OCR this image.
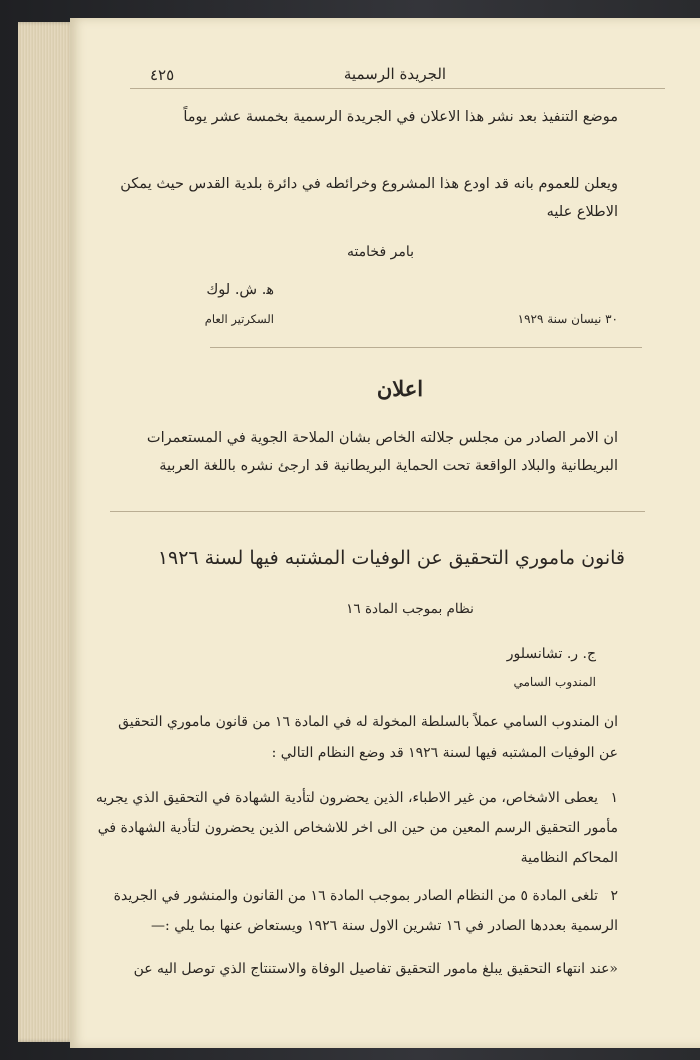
٤٢٥	الجريدة الرسمية
موضع التنفيذ بعد نشر هذا الاعلان في الجريدة الرسمية بخمسة عشر يوماً
ويعلن للعموم بانه قد اودع هذا المشروع وخرائطه في دائرة بلدية القدس حيث يمكن
الاطلاع عليه
بامر فخامته
ﻫ. ش. لوك
السكرتير العام	٣٠ نيسان سنة ١٩٢٩
اعلان
ان الامر الصادر من مجلس جلالته الخاص بشان الملاحة الجوية في المستعمرات
البريطانية والبلاد الواقعة تحت الحماية البريطانية قد ارجئ نشره باللغة العربية
قانون ماموري التحقيق عن الوفيات المشتبه فيها لسنة ١٩٢٦
نظام بموجب المادة ١٦
ج. ر. تشانسلور
المندوب السامي
ان المندوب السامي عملاً بالسلطة المخولة له في المادة ١٦ من قانون ماموري التحقيق
عن الوفيات المشتبه فيها لسنة ١٩٢٦ قد وضع النظام التالي :
١
يعطى الاشخاص، من غير الاطباء، الذين يحضرون لتأدية الشهادة في التحقيق الذي يجريه
مأمور التحقيق الرسم المعين من حين الى اخر للاشخاص الذين يحضرون لتأدية الشهادة في
المحاكم النظامية
٢
تلغى المادة ٥ من النظام الصادر بموجب المادة ١٦ من القانون والمنشور في الجريدة
الرسمية بعددها الصادر في ١٦ تشرين الاول سنة ١٩٢٦ ويستعاض عنها بما يلي :—
«عند انتهاء التحقيق يبلغ مامور التحقيق تفاصيل الوفاة والاستنتاج الذي توصل اليه عن
